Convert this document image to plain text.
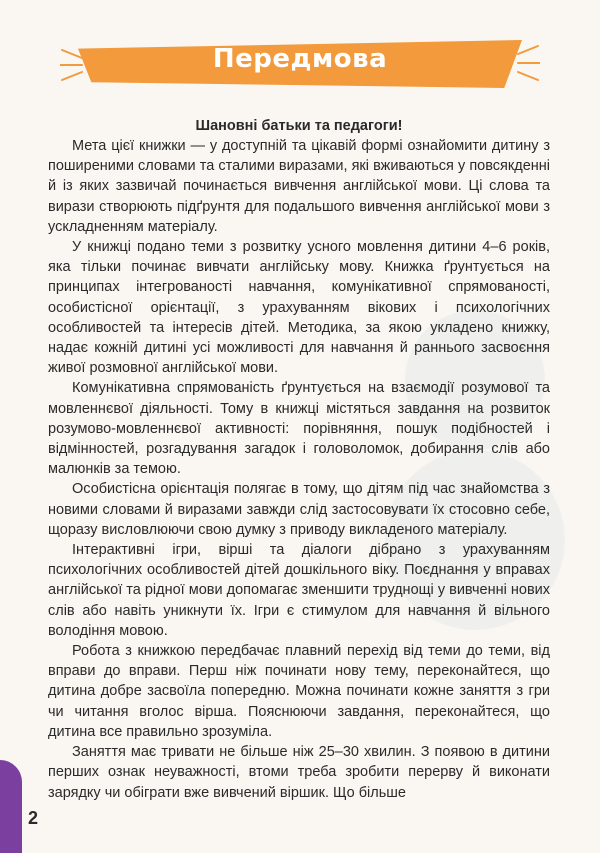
Передмова

Шановні батьки та педагоги!

Мета цієї книжки — у доступній та цікавій формі ознайомити дитину з поширеними словами та сталими виразами, які вживаються у повсякденні й із яких зазвичай починається вивчення англійської мови. Ці слова та вирази створюють підґрунтя для подальшого вивчення англійської мови з ускладненням матеріалу.

У книжці подано теми з розвитку усного мовлення дитини 4–6 років, яка тільки починає вивчати англійську мову. Книжка ґрунтується на принципах інтегрованості навчання, комунікативної спрямованості, особистісної орієнтації, з урахуванням вікових і психологічних особливостей та інтересів дітей. Методика, за якою укладено книжку, надає кожній дитині усі можливості для навчання й раннього засвоєння живої розмовної англійської мови.

Комунікативна спрямованість ґрунтується на взаємодії розумової та мовленнєвої діяльності. Тому в книжці містяться завдання на розвиток розумово-мовленнєвої активності: порівняння, пошук подібностей і відмінностей, розгадування загадок і головоломок, добирання слів або малюнків за темою.

Особистісна орієнтація полягає в тому, що дітям під час знайомства з новими словами й виразами завжди слід застосовувати їх стосовно себе, щоразу висловлюючи свою думку з приводу викладеного матеріалу.

Інтерактивні ігри, вірші та діалоги дібрано з урахуванням психологічних особливостей дітей дошкільного віку. Поєднання у вправах англійської та рідної мови допомагає зменшити труднощі у вивченні нових слів або навіть уникнути їх. Ігри є стимулом для навчання й вільного володіння мовою.

Робота з книжкою передбачає плавний перехід від теми до теми, від вправи до вправи. Перш ніж починати нову тему, переконайтеся, що дитина добре засвоїла попередню. Можна починати кожне заняття з гри чи читання вголос вірша. Пояснюючи завдання, переконайтеся, що дитина все правильно зрозуміла.

Заняття має тривати не більше ніж 25–30 хвилин. З появою в дитини перших ознак неуважності, втоми треба зробити перерву й виконати зарядку чи обіграти вже вивчений віршик. Що більше

2
